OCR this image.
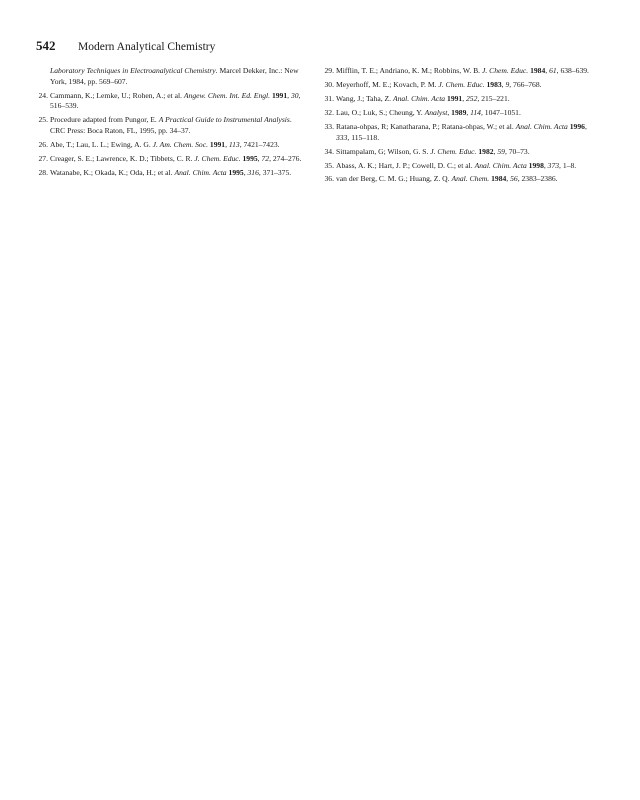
542	Modern Analytical Chemistry
Laboratory Techniques in Electroanalytical Chemistry. Marcel Dekker, Inc.: New York, 1984, pp. 569–607.
24. Cammann, K.; Lemke, U.; Rohen, A.; et al. Angew. Chem. Int. Ed. Engl. 1991, 30, 516–539.
25. Procedure adapted from Pungor, E. A Practical Guide to Instrumental Analysis. CRC Press: Boca Raton, FL, 1995, pp. 34–37.
26. Abe, T.; Lau, L. L.; Ewing, A. G. J. Am. Chem. Soc. 1991, 113, 7421–7423.
27. Creager, S. E.; Lawrence, K. D.; Tibbets, C. R. J. Chem. Educ. 1995, 72, 274–276.
28. Watanabe, K.; Okada, K.; Oda, H.; et al. Anal. Chim. Acta 1995, 316, 371–375.
29. Mifflin, T. E.; Andriano, K. M.; Robbins, W. B. J. Chem. Educ. 1984, 61, 638–639.
30. Meyerhoff, M. E.; Kovach, P. M. J. Chem. Educ. 1983, 9, 766–768.
31. Wang, J.; Taha, Z. Anal. Chim. Acta 1991, 252, 215–221.
32. Lau, O.; Luk, S.; Cheung, Y. Analyst, 1989, 114, 1047–1051.
33. Ratana-ohpas, R; Kanatharana, P.; Ratana-ohpas, W.; et al. Anal. Chim. Acta 1996, 333, 115–118.
34. Sittampalam, G; Wilson, G. S. J. Chem. Educ. 1982, 59, 70–73.
35. Abass, A. K.; Hart, J. P.; Cowell, D. C.; et al. Anal. Chim. Acta 1998, 373, 1–8.
36. van der Berg, C. M. G.; Huang, Z. Q. Anal. Chem. 1984, 56, 2383–2386.
